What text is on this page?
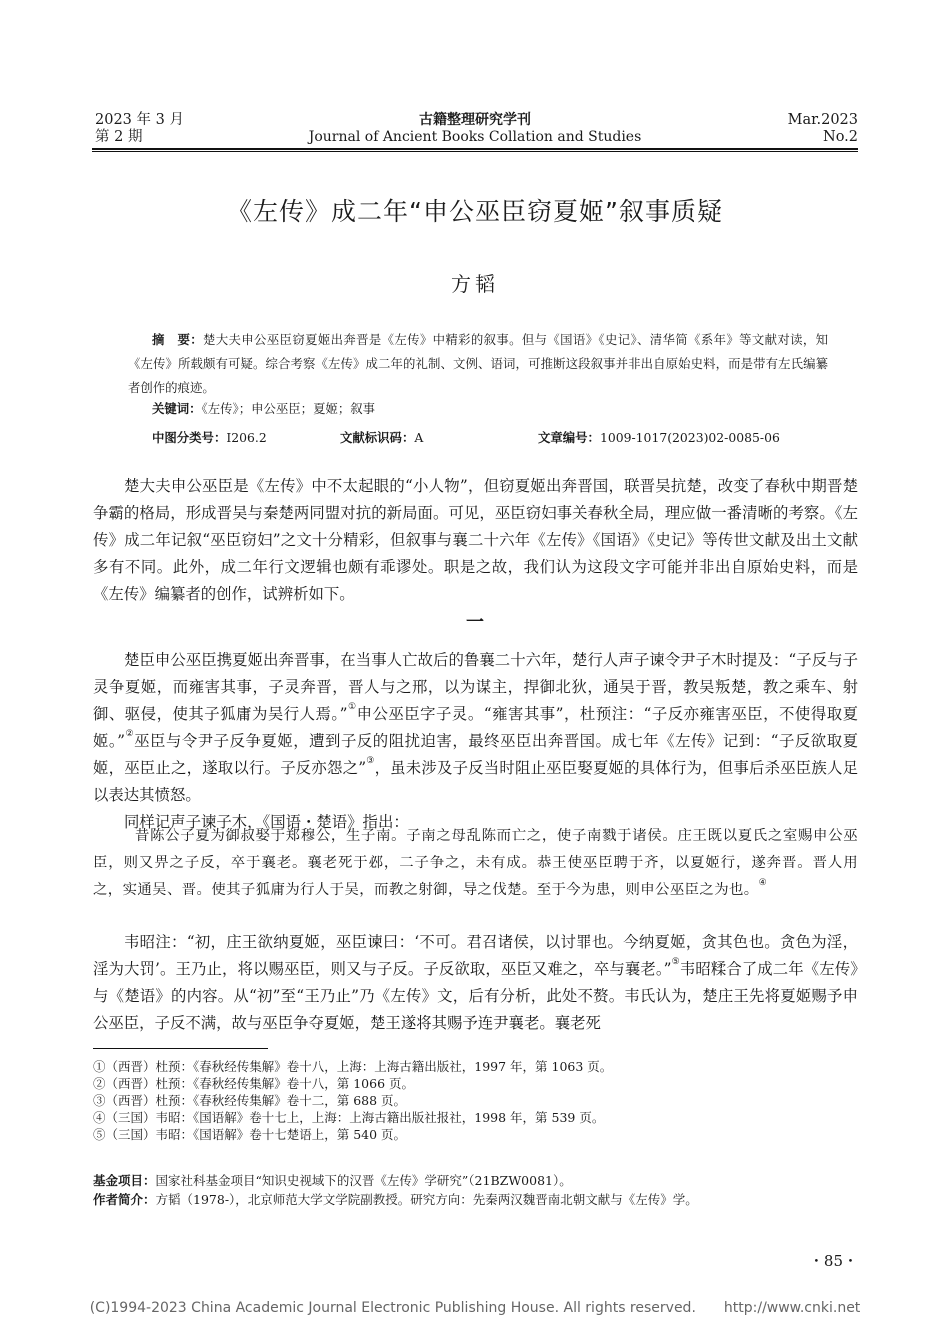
2023 年 3 月
第 2 期
古籍整理研究学刊
Journal of Ancient Books Collation and Studies
Mar.2023
No.2
《左传》成二年“申公巫臣窃夏姬”叙事质疑
方韬
摘　要：楚大夫申公巫臣窃夏姬出奔晋是《左传》中精彩的叙事。但与《国语》《史记》、清华简《系年》等文献对读，知《左传》所载颇有可疑。综合考察《左传》成二年的礼制、文例、语词，可推断这段叙事并非出自原始史料，而是带有左氏编纂者创作的痕迹。
关键词：《左传》；申公巫臣；夏姬；叙事
中图分类号：I206.2	文献标识码：A	文章编号：1009-1017(2023)02-0085-06

楚大夫申公巫臣是《左传》中不太起眼的“小人物”，但窃夏姬出奔晋国，联晋吴抗楚，改变了春秋中期晋楚争霸的格局，形成晋吴与秦楚两同盟对抗的新局面。可见，巫臣窃妇事关春秋全局，理应做一番清晰的考察。《左传》成二年记叙“巫臣窃妇”之文十分精彩，但叙事与襄二十六年《左传》《国语》《史记》等传世文献及出土文献多有不同。此外，成二年行文逻辑也颇有乖谬处。职是之故，我们认为这段文字可能并非出自原始史料，而是《左传》编纂者的创作，试辨析如下。

一

楚臣申公巫臣携夏姬出奔晋事，在当事人亡故后的鲁襄二十六年，楚行人声子谏令尹子木时提及：“子反与子灵争夏姬，而雍害其事，子灵奔晋，晋人与之邢，以为谋主，捍御北狄，通吴于晋，教吴叛楚，教之乘车、射御、驱侵，使其子狐庸为吴行人焉。”①申公巫臣字子灵。“雍害其事”，杜预注：“子反亦雍害巫臣，不使得取夏姬。”②巫臣与令尹子反争夏姬，遭到子反的阻扰迫害，最终巫臣出奔晋国。成七年《左传》记到：“子反欲取夏姬，巫臣止之，遂取以行。子反亦怨之”③，虽未涉及子反当时阻止巫臣娶夏姬的具体行为，但事后杀巫臣族人足以表达其愤怒。

同样记声子谏子木，《国语・楚语》指出：

昔陈公子夏为御叔娶于郑穆公，生子南。子南之母乱陈而亡之，使子南戮于诸侯。庄王既以夏氏之室赐申公巫臣，则又畀之子反，卒于襄老。襄老死于邲，二子争之，未有成。恭王使巫臣聘于齐，以夏姬行，遂奔晋。晋人用之，实通吴、晋。使其子狐庸为行人于吴，而教之射御，导之伐楚。至于今为患，则申公巫臣之为也。④

韦昭注：“初，庄王欲纳夏姬，巫臣谏曰：‘不可。君召诸侯，以讨罪也。今纳夏姬，贪其色也。贪色为淫，淫为大罚’。王乃止，将以赐巫臣，则又与子反。子反欲取，巫臣又难之，卒与襄老。”⑤韦昭糅合了成二年《左传》与《楚语》的内容。从“初”至“王乃止”乃《左传》文，后有分析，此处不赘。韦氏认为，楚庄王先将夏姬赐予申公巫臣，子反不满，故与巫臣争夺夏姬，楚王遂将其赐予连尹襄老。襄老死

①（西晋）杜预：《春秋经传集解》卷十八，上海：上海古籍出版社，1997 年，第 1063 页。
②（西晋）杜预：《春秋经传集解》卷十八，第 1066 页。
③（西晋）杜预：《春秋经传集解》卷十二，第 688 页。
④（三国）韦昭：《国语解》卷十七上，上海：上海古籍出版社报社，1998 年，第 539 页。
⑤（三国）韦昭：《国语解》卷十七楚语上，第 540 页。
基金项目：国家社科基金项目“知识史视域下的汉晋《左传》学研究”（21BZW0081）。
作者简介：方韬（1978-），北京师范大学文学院副教授。研究方向：先秦两汉魏晋南北朝文献与《左传》学。
・85・
(C)1994-2023 China Academic Journal Electronic Publishing House. All rights reserved.　　http://www.cnki.net
